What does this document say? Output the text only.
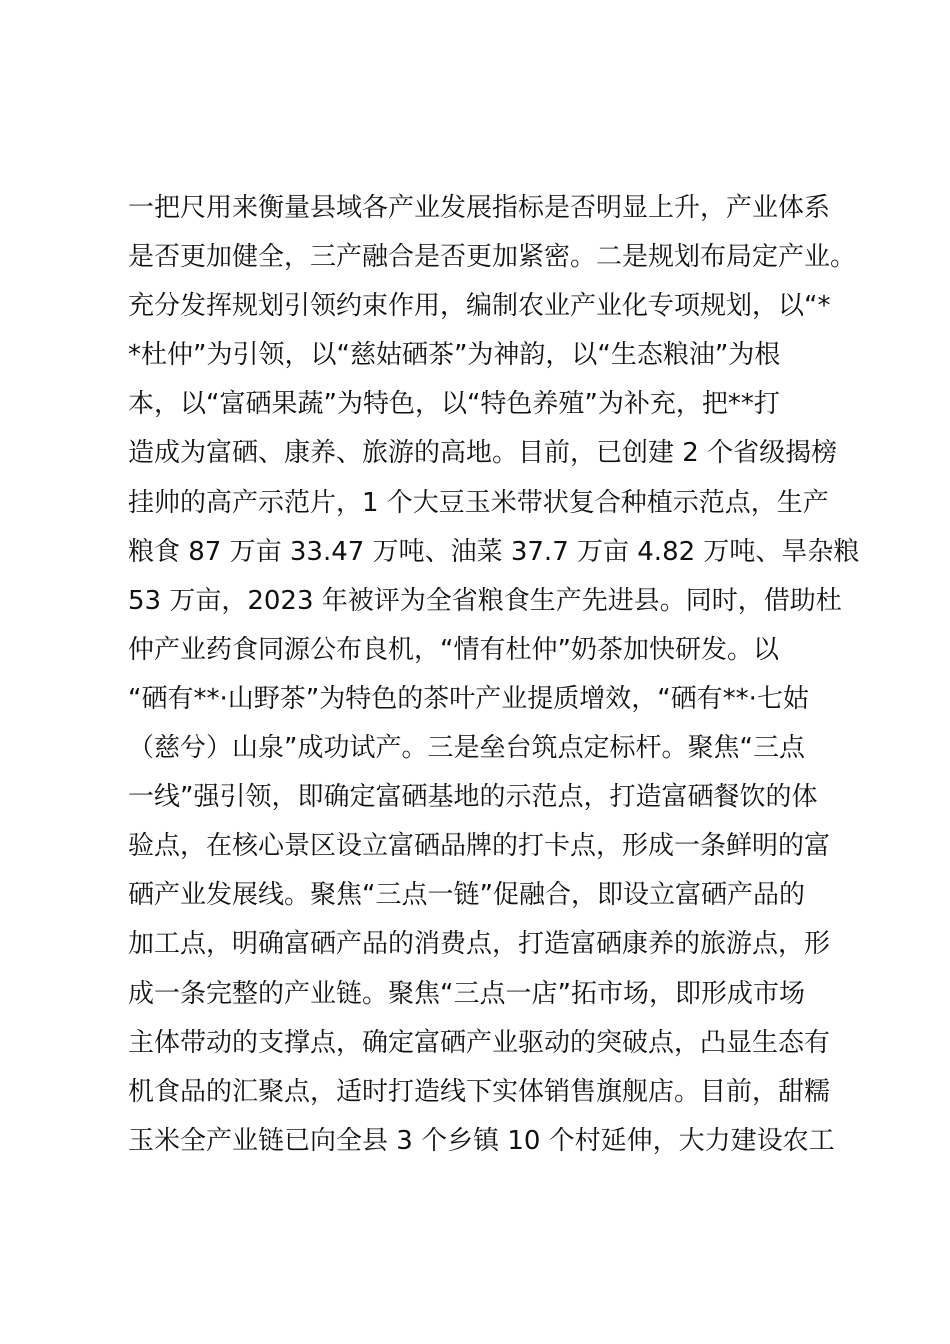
一把尺用来衡量县域各产业发展指标是否明显上升，产业体系
是否更加健全，三产融合是否更加紧密。二是规划布局定产业。
充分发挥规划引领约束作用，编制农业产业化专项规划，以“*
*杜仲”为引领，以“慈姑硒茶”为神韵，以“生态粮油”为根
本，以“富硒果蔬”为特色，以“特色养殖”为补充，把**打
造成为富硒、康养、旅游的高地。目前，已创建 2 个省级揭榜
挂帅的高产示范片，1 个大豆玉米带状复合种植示范点，生产
粮食 87 万亩 33.47 万吨、油菜 37.7 万亩 4.82 万吨、旱杂粮
53 万亩，2023 年被评为全省粮食生产先进县。同时，借助杜
仲产业药食同源公布良机，“情有杜仲”奶茶加快研发。以
“硒有**·山野茶”为特色的茶叶产业提质增效，“硒有**·七姑
（慈兮）山泉”成功试产。三是垒台筑点定标杆。聚焦“三点
一线”强引领，即确定富硒基地的示范点，打造富硒餐饮的体
验点，在核心景区设立富硒品牌的打卡点，形成一条鲜明的富
硒产业发展线。聚焦“三点一链”促融合，即设立富硒产品的
加工点，明确富硒产品的消费点，打造富硒康养的旅游点，形
成一条完整的产业链。聚焦“三点一店”拓市场，即形成市场
主体带动的支撑点，确定富硒产业驱动的突破点，凸显生态有
机食品的汇聚点，适时打造线下实体销售旗舰店。目前，甜糯
玉米全产业链已向全县 3 个乡镇 10 个村延伸，大力建设农工
